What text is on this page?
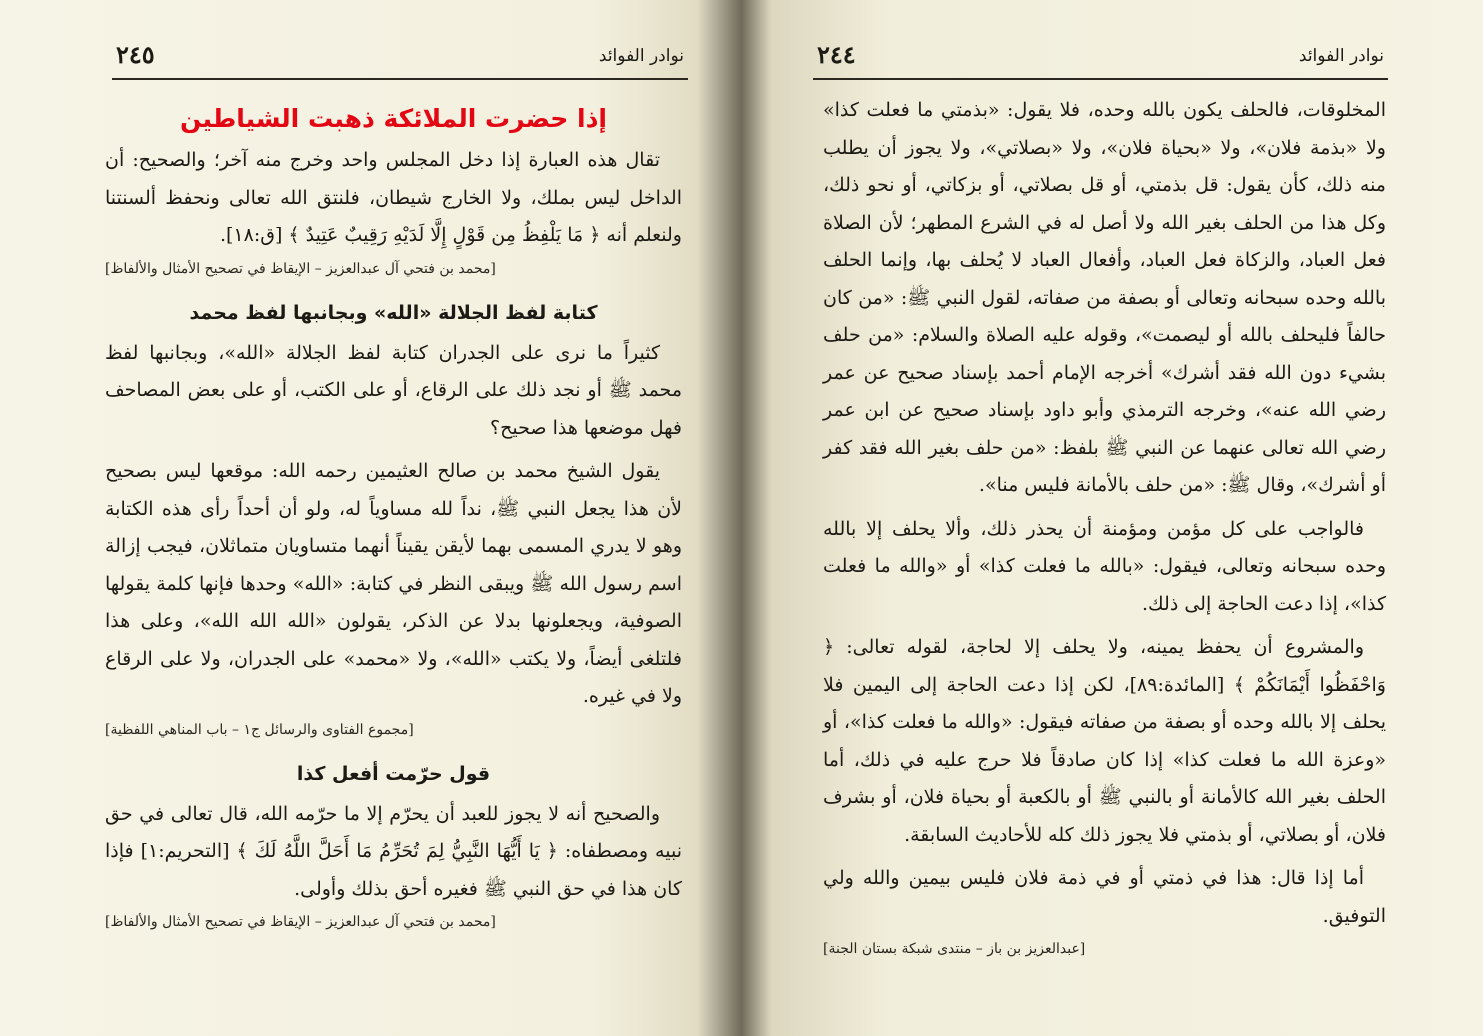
نوادر الفوائد
٢٤٥
إذا حضرت الملائكة ذهبت الشياطين

تقال هذه العبارة إذا دخل المجلس واحد وخرج منه آخر؛ والصحيح: أن الداخل ليس بملك، ولا الخارج شيطان، فلنتق الله تعالى ونحفظ ألسنتنا ولنعلم أنه ﴿ مَا يَلْفِظُ مِن قَوْلٍ إِلَّا لَدَيْهِ رَقِيبٌ عَتِيدٌ ﴾ [ق:١٨].

[محمد بن فتحي آل عبدالعزيز – الإيقاظ في تصحيح الأمثال والألفاظ]
كتابة لفظ الجلالة «الله» وبجانبها لفظ محمد

كثيراً ما نرى على الجدران كتابة لفظ الجلالة «الله»، وبجانبها لفظ محمد ﷺ أو نجد ذلك على الرقاع، أو على الكتب، أو على بعض المصاحف فهل موضعها هذا صحيح؟

يقول الشيخ محمد بن صالح العثيمين رحمه الله: موقعها ليس بصحيح لأن هذا يجعل النبي ﷺ، نداً لله مساوياً له، ولو أن أحداً رأى هذه الكتابة وهو لا يدري المسمى بهما لأيقن يقيناً أنهما متساويان متماثلان، فيجب إزالة اسم رسول الله ﷺ ويبقى النظر في كتابة: «الله» وحدها فإنها كلمة يقولها الصوفية، ويجعلونها بدلا عن الذكر، يقولون «الله الله الله»، وعلى هذا فلتلغى أيضاً، ولا يكتب «الله»، ولا «محمد» على الجدران، ولا على الرقاع ولا في غيره.

[مجموع الفتاوى والرسائل ج١ – باب المناهي اللفظية]
قول حرّمت أفعل كذا

والصحيح أنه لا يجوز للعبد أن يحرّم إلا ما حرّمه الله، قال تعالى في حق نبيه ومصطفاه: ﴿ يَا أَيُّهَا النَّبِيُّ لِمَ تُحَرِّمُ مَا أَحَلَّ اللَّهُ لَكَ ﴾ [التحريم:١] فإذا كان هذا في حق النبي ﷺ فغيره أحق بذلك وأولى.

[محمد بن فتحي آل عبدالعزيز – الإيقاظ في تصحيح الأمثال والألفاظ]
نوادر الفوائد
٢٤٤

المخلوقات، فالحلف يكون بالله وحده، فلا يقول: «بذمتي ما فعلت كذا» ولا «بذمة فلان»، ولا «بحياة فلان»، ولا «بصلاتي»، ولا يجوز أن يطلب منه ذلك، كأن يقول: قل بذمتي، أو قل بصلاتي، أو بزكاتي، أو نحو ذلك، وكل هذا من الحلف بغير الله ولا أصل له في الشرع المطهر؛ لأن الصلاة فعل العباد، والزكاة فعل العباد، وأفعال العباد لا يُحلف بها، وإنما الحلف بالله وحده سبحانه وتعالى أو بصفة من صفاته، لقول النبي ﷺ: «من كان حالفاً فليحلف بالله أو ليصمت»، وقوله عليه الصلاة والسلام: «من حلف بشيء دون الله فقد أشرك» أخرجه الإمام أحمد بإسناد صحيح عن عمر رضي الله عنه»، وخرجه الترمذي وأبو داود بإسناد صحيح عن ابن عمر رضي الله تعالى عنهما عن النبي ﷺ بلفظ: «من حلف بغير الله فقد كفر أو أشرك»، وقال ﷺ: «من حلف بالأمانة فليس منا».

فالواجب على كل مؤمن ومؤمنة أن يحذر ذلك، وألا يحلف إلا بالله وحده سبحانه وتعالى، فيقول: «بالله ما فعلت كذا» أو «والله ما فعلت كذا»، إذا دعت الحاجة إلى ذلك.

والمشروع أن يحفظ يمينه، ولا يحلف إلا لحاجة، لقوله تعالى: ﴿ وَاحْفَظُوا أَيْمَانَكُمْ ﴾ [المائدة:٨٩]، لكن إذا دعت الحاجة إلى اليمين فلا يحلف إلا بالله وحده أو بصفة من صفاته فيقول: «والله ما فعلت كذا»، أو «وعزة الله ما فعلت كذا» إذا كان صادقاً فلا حرج عليه في ذلك، أما الحلف بغير الله كالأمانة أو بالنبي ﷺ أو بالكعبة أو بحياة فلان، أو بشرف فلان، أو بصلاتي، أو بذمتي فلا يجوز ذلك كله للأحاديث السابقة.

أما إذا قال: هذا في ذمتي أو في ذمة فلان فليس بيمين والله ولي التوفيق.

[عبدالعزيز بن باز – منتدى شبكة بستان الجنة]
